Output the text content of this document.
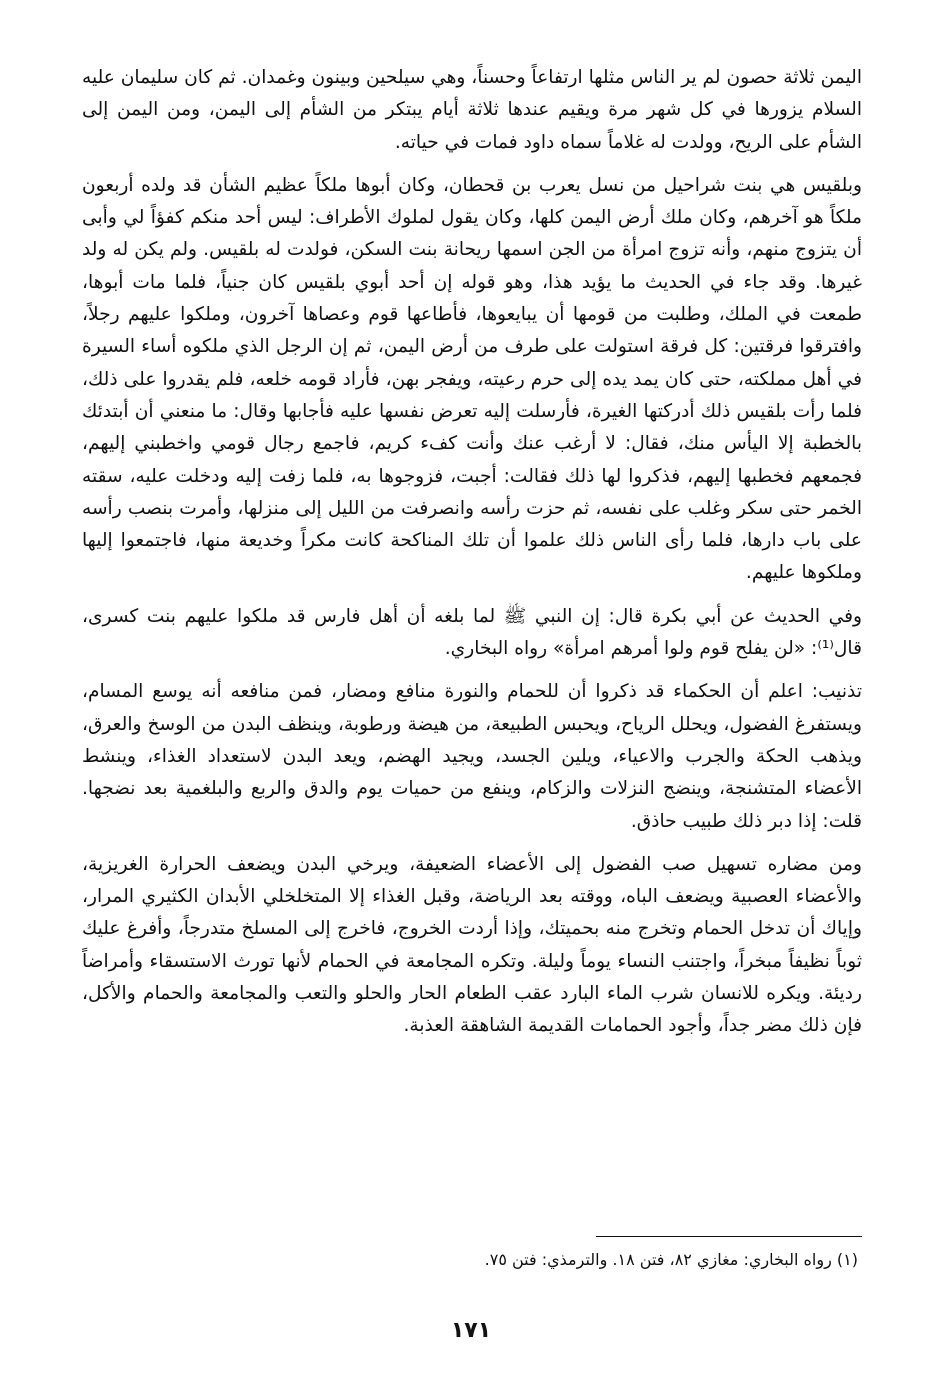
اليمن ثلاثة حصون لم ير الناس مثلها ارتفاعاً وحسناً، وهي سيلحين وبينون وغمدان. ثم كان سليمان عليه السلام يزورها في كل شهر مرة ويقيم عندها ثلاثة أيام يبتكر من الشأم إلى اليمن، ومن اليمن إلى الشأم على الريح، وولدت له غلاماً سماه داود فمات في حياته.

وبلقيس هي بنت شراحيل من نسل يعرب بن قحطان، وكان أبوها ملكاً عظيم الشأن قد ولده أربعون ملكاً هو آخرهم، وكان ملك أرض اليمن كلها، وكان يقول لملوك الأطراف: ليس أحد منكم كفؤاً لي وأبى أن يتزوج منهم، وأنه تزوج امرأة من الجن اسمها ريحانة بنت السكن، فولدت له بلقيس. ولم يكن له ولد غيرها. وقد جاء في الحديث ما يؤيد هذا، وهو قوله إن أحد أبوي بلقيس كان جنياً، فلما مات أبوها، طمعت في الملك، وطلبت من قومها أن يبايعوها، فأطاعها قوم وعصاها آخرون، وملكوا عليهم رجلاً، وافترقوا فرقتين: كل فرقة استولت على طرف من أرض اليمن، ثم إن الرجل الذي ملكوه أساء السيرة في أهل مملكته، حتى كان يمد يده إلى حرم رعيته، ويفجر بهن، فأراد قومه خلعه، فلم يقدروا على ذلك، فلما رأت بلقيس ذلك أدركتها الغيرة، فأرسلت إليه تعرض نفسها عليه فأجابها وقال: ما منعني أن أبتدئك بالخطبة إلا اليأس منك، فقال: لا أرغب عنك وأنت كفء كريم، فاجمع رجال قومي واخطبني إليهم، فجمعهم فخطبها إليهم، فذكروا لها ذلك فقالت: أجبت، فزوجوها به، فلما زفت إليه ودخلت عليه، سقته الخمر حتى سكر وغلب على نفسه، ثم حزت رأسه وانصرفت من الليل إلى منزلها، وأمرت بنصب رأسه على باب دارها، فلما رأى الناس ذلك علموا أن تلك المناكحة كانت مكراً وخديعة منها، فاجتمعوا إليها وملكوها عليهم.

وفي الحديث عن أبي بكرة قال: إن النبي ﷺ لما بلغه أن أهل فارس قد ملكوا عليهم بنت كسرى، قال⁽¹⁾: «لن يفلح قوم ولوا أمرهم امرأة» رواه البخاري.

تذنيب: اعلم أن الحكماء قد ذكروا أن للحمام والنورة منافع ومضار، فمن منافعه أنه يوسع المسام، ويستفرغ الفضول، ويحلل الرياح، ويحبس الطبيعة، من هيضة ورطوبة، وينظف البدن من الوسخ والعرق، ويذهب الحكة والجرب والاعياء، ويلين الجسد، ويجيد الهضم، ويعد البدن لاستعداد الغذاء، وينشط الأعضاء المتشنجة، وينضج النزلات والزكام، وينفع من حميات يوم والدق والربع والبلغمية بعد نضجها. قلت: إذا دبر ذلك طبيب حاذق.

ومن مضاره تسهيل صب الفضول إلى الأعضاء الضعيفة، ويرخي البدن ويضعف الحرارة الغريزية، والأعضاء العصبية ويضعف الباه، ووقته بعد الرياضة، وقبل الغذاء إلا المتخلخلي الأبدان الكثيري المرار، وإياك أن تدخل الحمام وتخرج منه بحميتك، وإذا أردت الخروج، فاخرج إلى المسلخ متدرجاً، وأفرغ عليك ثوباً نظيفاً مبخراً، واجتنب النساء يوماً وليلة. وتكره المجامعة في الحمام لأنها تورث الاستسقاء وأمراضاً رديئة. ويكره للانسان شرب الماء البارد عقب الطعام الحار والحلو والتعب والمجامعة والحمام والأكل، فإن ذلك مضر جداً، وأجود الحمامات القديمة الشاهقة العذبة.

(١) رواه البخاري: مغازي ٨٢، فتن ١٨. والترمذي: فتن ٧٥.
١٧١
